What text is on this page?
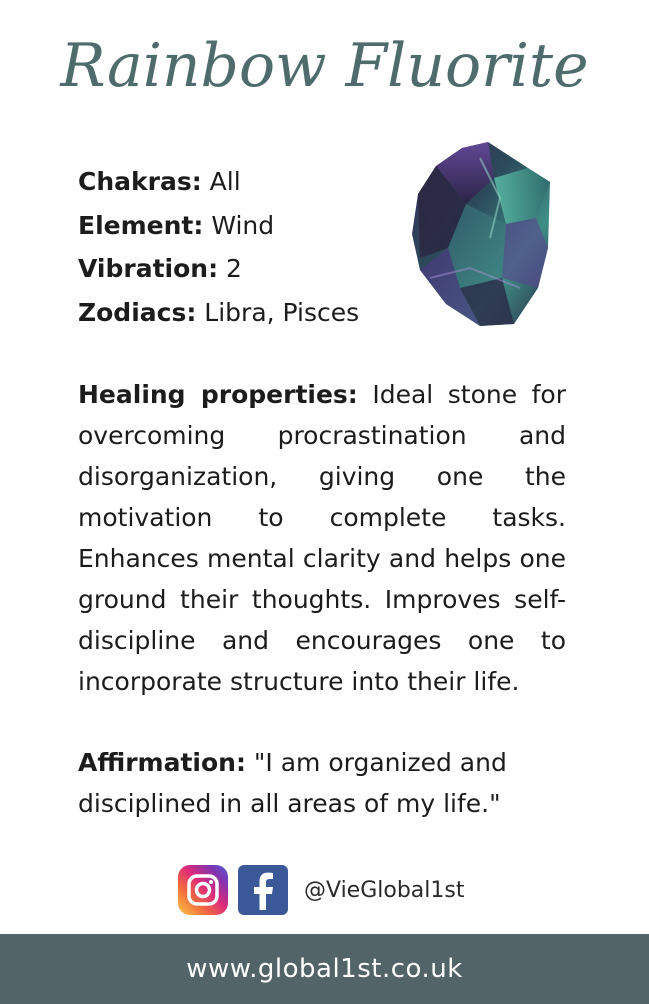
Rainbow Fluorite
Chakras: All
Element: Wind
Vibration: 2
Zodiacs: Libra, Pisces
Healing properties: Ideal stone for overcoming procrastination and disorganization, giving one the motivation to complete tasks. Enhances mental clarity and helps one ground their thoughts. Improves self-discipline and encourages one to incorporate structure into their life.
Affirmation: "I am organized and disciplined in all areas of my life."
@VieGlobal1st
www.global1st.co.uk
